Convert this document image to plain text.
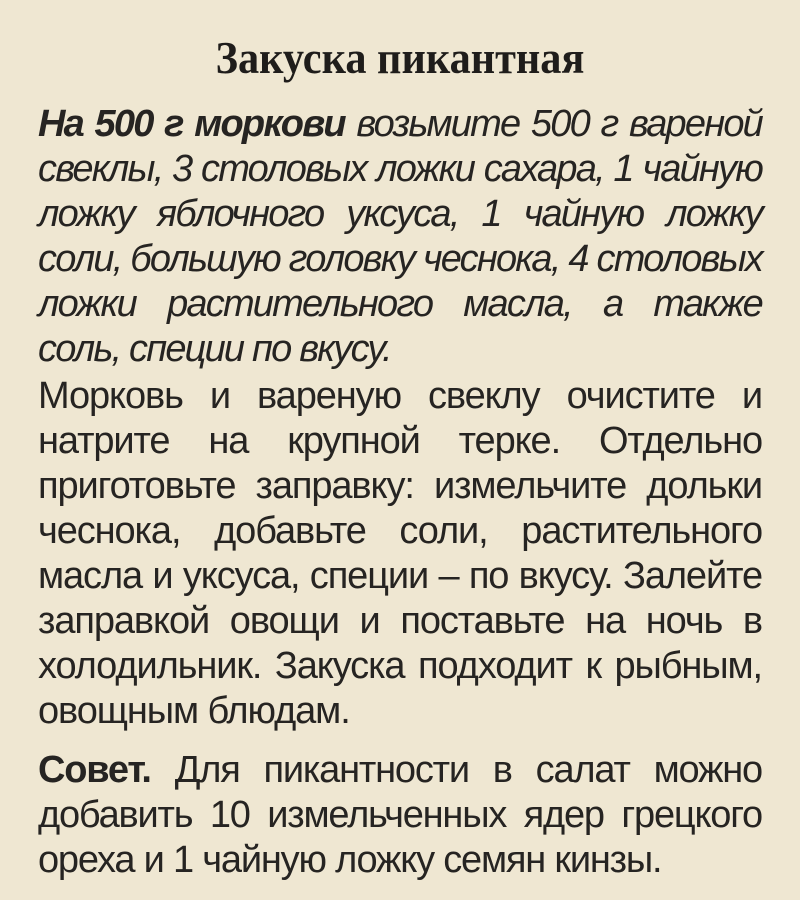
Закуска пикантная

На 500 г моркови возьмите 500 г вареной свеклы, 3 столовых ложки сахара, 1 чайную ложку яблочного уксуса, 1 чайную ложку соли, большую головку чеснока, 4 столовых ложки растительного масла, а также соль, специи по вкусу.

Морковь и вареную свеклу очистите и натрите на крупной терке. Отдельно приготовьте заправку: измельчите дольки чеснока, добавьте соли, растительного масла и уксуса, специи – по вкусу. Залейте заправкой овощи и поставьте на ночь в холодильник. Закуска подходит к рыбным, овощным блюдам.

Совет. Для пикантности в салат можно добавить 10 измельченных ядер грецкого ореха и 1 чайную ложку семян кинзы.
